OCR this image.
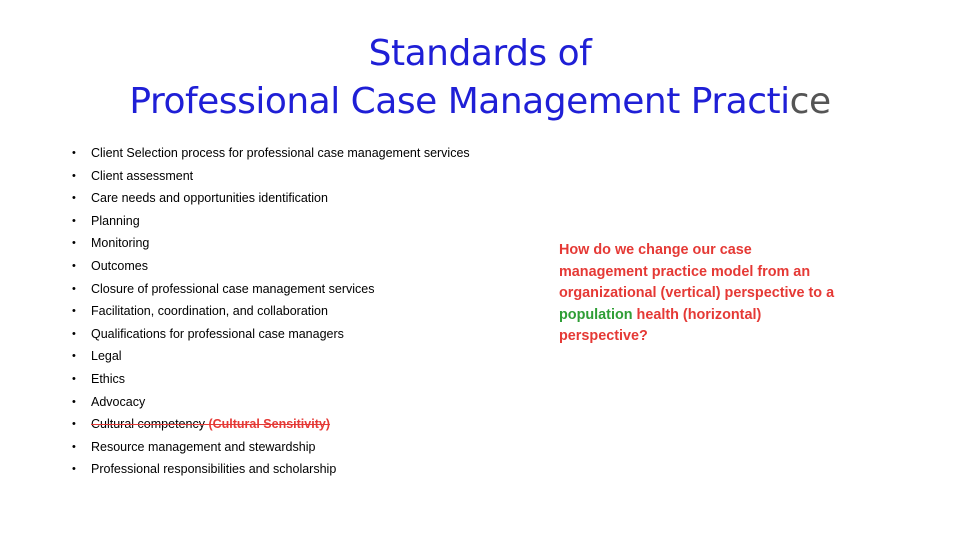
Standards of
Professional Case Management Practice
• Client Selection process for professional case management services
• Client assessment
• Care needs and opportunities identification
• Planning
• Monitoring
• Outcomes
• Closure of professional case management services
• Facilitation, coordination, and collaboration
• Qualifications for professional case managers
• Legal
• Ethics
• Advocacy
• Cultural competency (Cultural Sensitivity)
• Resource management and stewardship
• Professional responsibilities and scholarship
How do we change our case management practice model from an organizational (vertical) perspective to a population health (horizontal) perspective?
